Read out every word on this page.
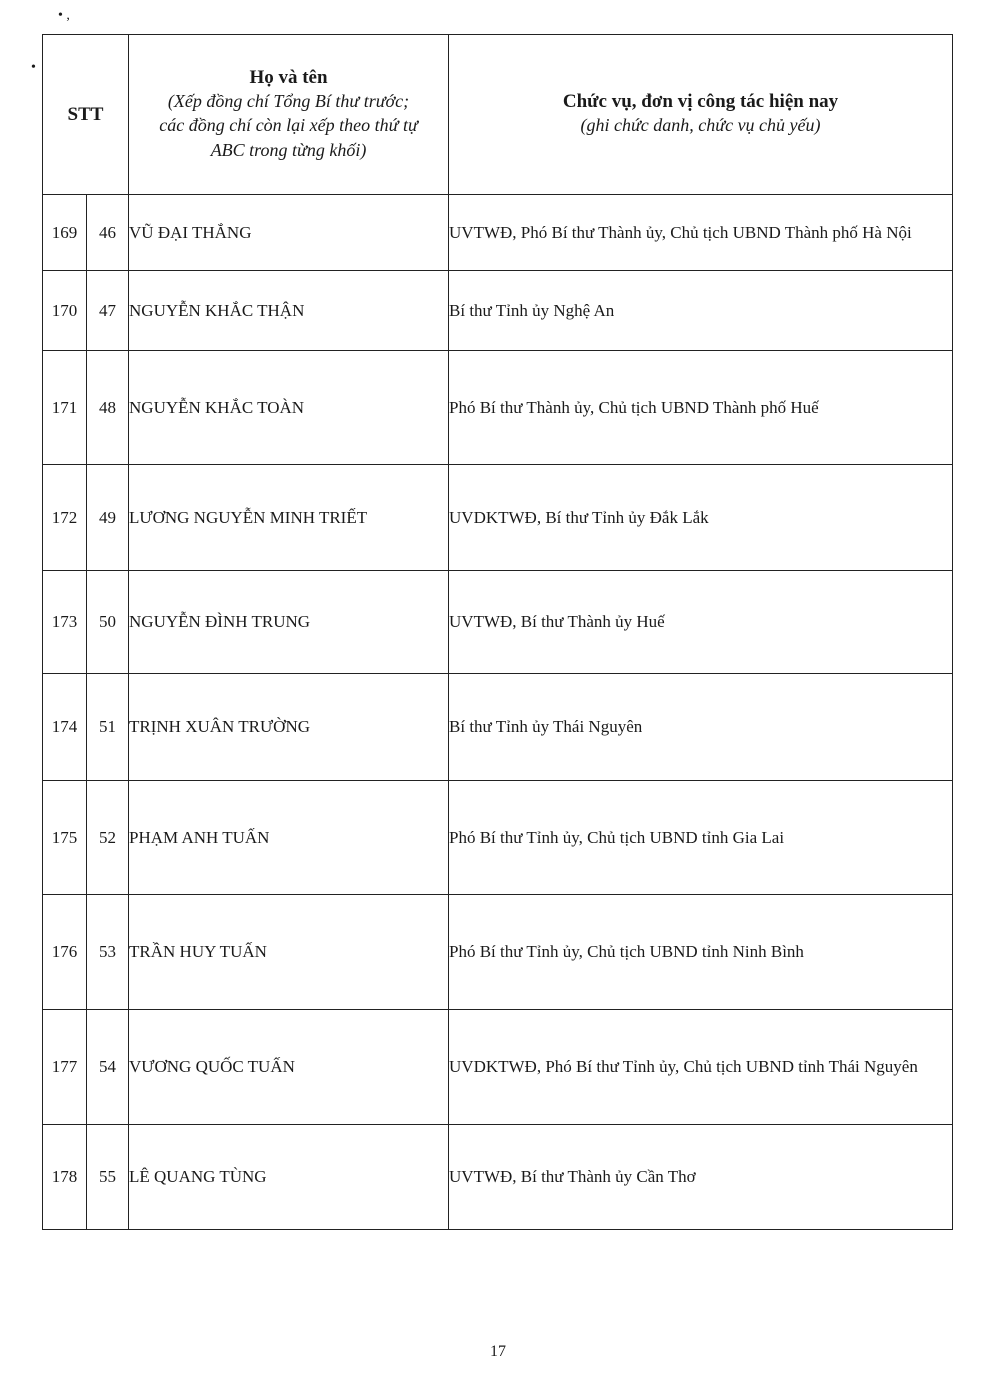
• ,
•
STT		Họ và tên
(Xếp đồng chí Tổng Bí thư trước;
các đồng chí còn lại xếp theo thứ tự
ABC trong từng khối)	Chức vụ, đơn vị công tác hiện nay
(ghi chức danh, chức vụ chủ yếu)

169	46	VŨ ĐẠI THẮNG	UVTWĐ, Phó Bí thư Thành ủy, Chủ tịch UBND Thành phố Hà Nội
170	47	NGUYỄN KHẮC THẬN	Bí thư Tỉnh ủy Nghệ An
171	48	NGUYỄN KHẮC TOÀN	Phó Bí thư Thành ủy, Chủ tịch UBND Thành phố Huế
172	49	LƯƠNG NGUYỄN MINH TRIẾT	UVDKTWĐ, Bí thư Tỉnh ủy Đắk Lắk
173	50	NGUYỄN ĐÌNH TRUNG	UVTWĐ, Bí thư Thành ủy Huế
174	51	TRỊNH XUÂN TRƯỜNG	Bí thư Tỉnh ủy Thái Nguyên
175	52	PHẠM ANH TUẤN	Phó Bí thư Tỉnh ủy, Chủ tịch UBND tỉnh Gia Lai
176	53	TRẦN HUY TUẤN	Phó Bí thư Tỉnh ủy, Chủ tịch UBND tỉnh Ninh Bình
177	54	VƯƠNG QUỐC TUẤN	UVDKTWĐ, Phó Bí thư Tỉnh ủy, Chủ tịch UBND tỉnh Thái Nguyên
178	55	LÊ QUANG TÙNG	UVTWĐ, Bí thư Thành ủy Cần Thơ
17
